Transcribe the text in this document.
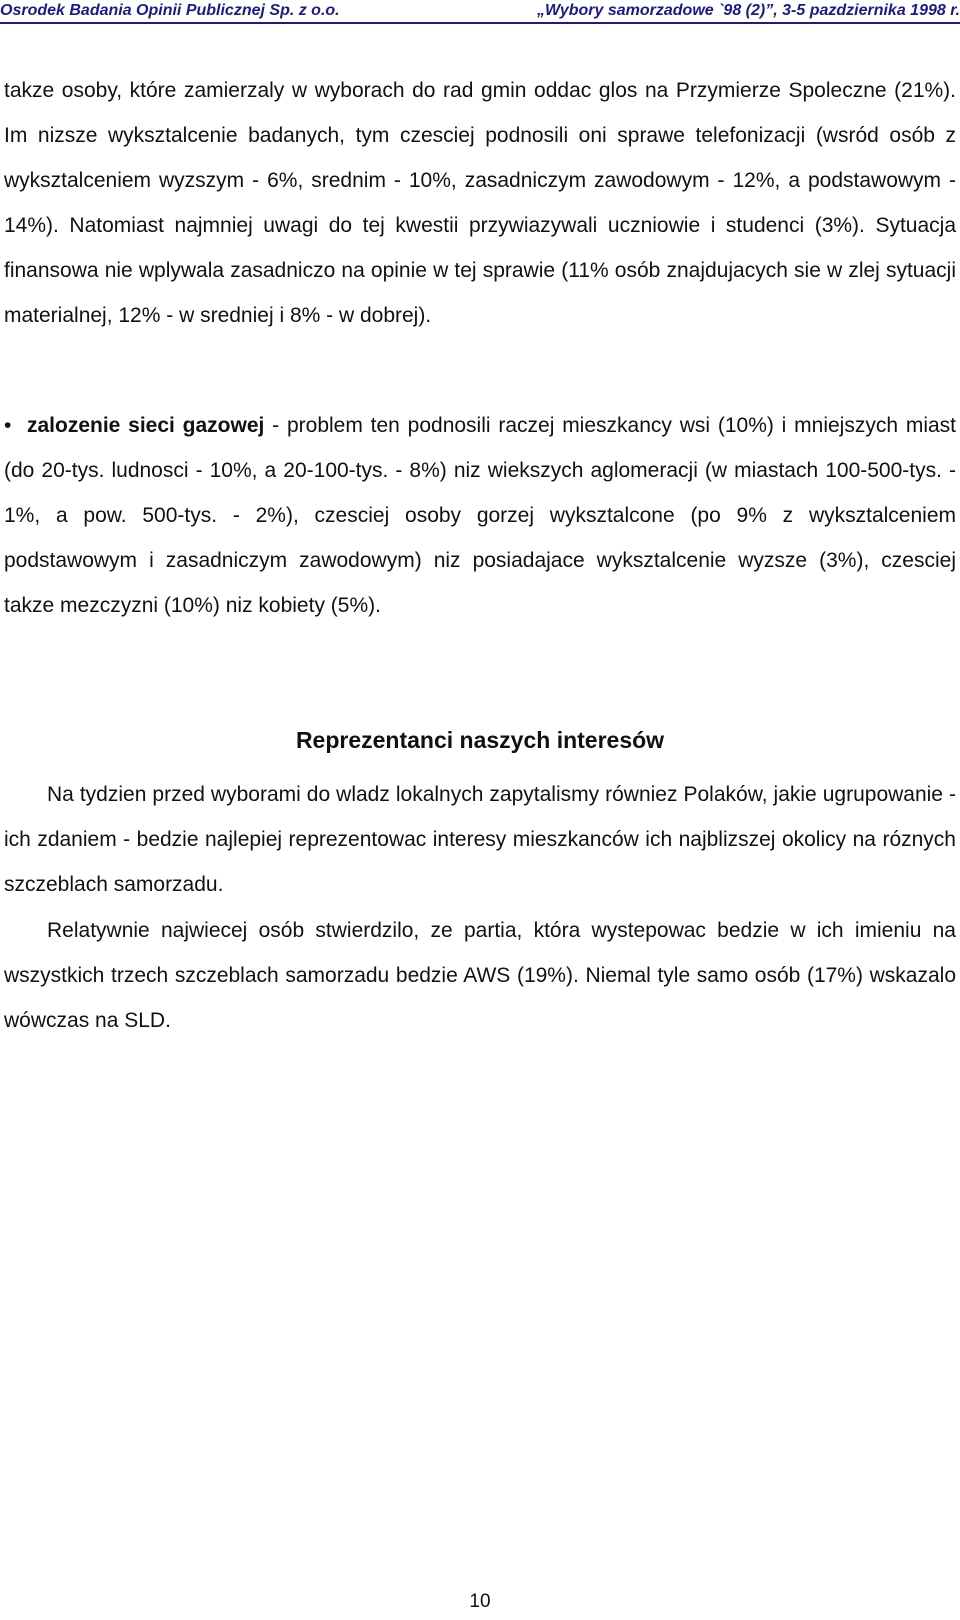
Osrodek Badania Opinii Publicznej Sp. z o.o.	„Wybory samorzadowe `98 (2)”, 3-5 pazdziernika 1998 r.

takze osoby, które zamierzaly w wyborach do rad gmin oddac glos na Przymierze Spoleczne (21%). Im nizsze wyksztalcenie badanych, tym czesciej podnosili oni sprawe telefonizacji (wsród osób z wyksztalceniem wyzszym - 6%, srednim - 10%, zasadniczym zawodowym - 12%, a podstawowym - 14%). Natomiast najmniej uwagi do tej kwestii przywiazywali uczniowie i studenci (3%). Sytuacja finansowa nie wplywala zasadniczo na opinie w tej sprawie (11% osób znajdujacych sie w zlej sytuacji materialnej, 12% - w sredniej i 8% - w dobrej).

• zalozenie sieci gazowej - problem ten podnosili raczej mieszkancy wsi (10%) i mniejszych miast (do 20-tys. ludnosci - 10%, a 20-100-tys. - 8%) niz wiekszych aglomeracji (w miastach 100-500-tys. - 1%, a pow. 500-tys. - 2%), czesciej osoby gorzej wyksztalcone (po 9% z wyksztalceniem podstawowym i zasadniczym zawodowym) niz posiadajace wyksztalcenie wyzsze (3%), czesciej takze mezczyzni (10%) niz kobiety (5%).

Reprezentanci naszych interesów

Na tydzien przed wyborami do wladz lokalnych zapytalismy równiez Polaków, jakie ugrupowanie - ich zdaniem - bedzie najlepiej reprezentowac interesy mieszkanców ich najblizszej okolicy na róznych szczeblach samorzadu.

Relatywnie najwiecej osób stwierdzilo, ze partia, która wystepowac bedzie w ich imieniu na wszystkich trzech szczeblach samorzadu bedzie AWS (19%). Niemal tyle samo osób (17%) wskazalo wówczas na SLD.

10
